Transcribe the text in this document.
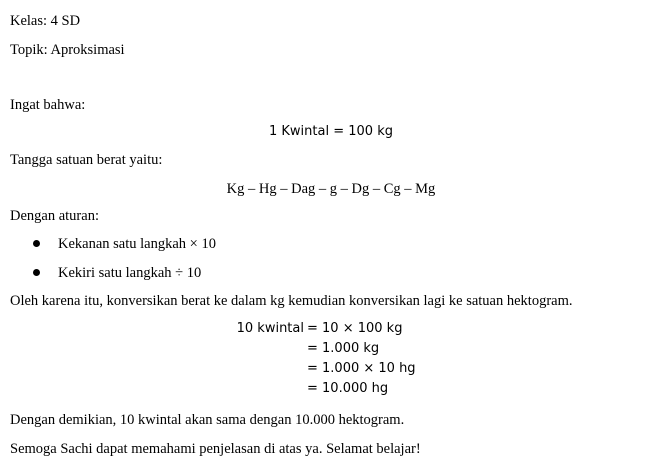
Kelas: 4 SD
Topik: Aproksimasi
Ingat bahwa:
1 Kwintal = 100 kg
Tangga satuan berat yaitu:
Kg – Hg – Dag – g – Dg – Cg – Mg
Dengan aturan:
Kekanan satu langkah × 10
Kekiri satu langkah ÷ 10
Oleh karena itu, konversikan berat ke dalam kg kemudian konversikan lagi ke satuan hektogram.
10 kwintal = 10 × 100 kg
= 1.000 kg
= 1.000 × 10 hg
= 10.000 hg
Dengan demikian, 10 kwintal akan sama dengan 10.000 hektogram.
Semoga Sachi dapat memahami penjelasan di atas ya. Selamat belajar!
